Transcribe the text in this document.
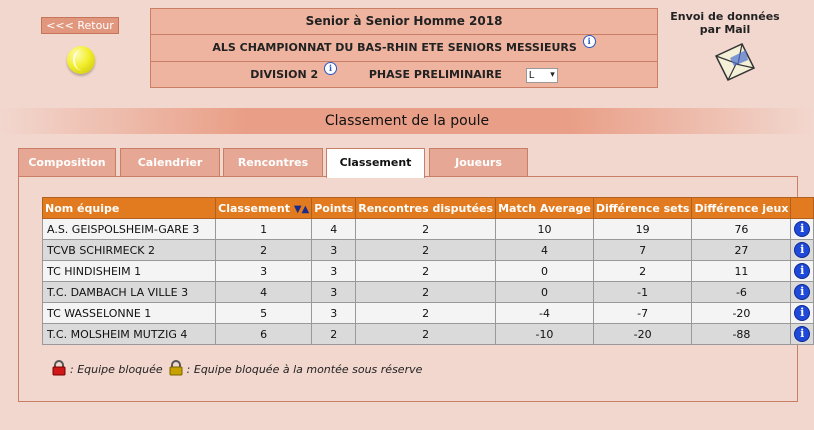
<<< Retour	Senior à Senior Homme 2018
ALS CHAMPIONNAT DU BAS-RHIN ETE SENIORS MESSIEURS i
DIVISION 2 i	PHASE PRELIMINAIRE	L ▾
Envoi de données
par Mail
Classement de la poule
Composition	Calendrier	Rencontres	Classement	Joueurs
Nom équipe	Classement ▼▲	Points	Rencontres disputées	Match Average	Différence sets	Différence jeux	
A.S. GEISPOLSHEIM-GARE 3	1	4	2	10	19	76	i
TCVB SCHIRMECK 2	2	3	2	4	7	27	i
TC HINDISHEIM 1	3	3	2	0	2	11	i
T.C. DAMBACH LA VILLE 3	4	3	2	0	-1	-6	i
TC WASSELONNE 1	5	3	2	-4	-7	-20	i
T.C. MOLSHEIM MUTZIG 4	6	2	2	-10	-20	-88	i
: Equipe bloquée : Equipe bloquée à la montée sous réserve
